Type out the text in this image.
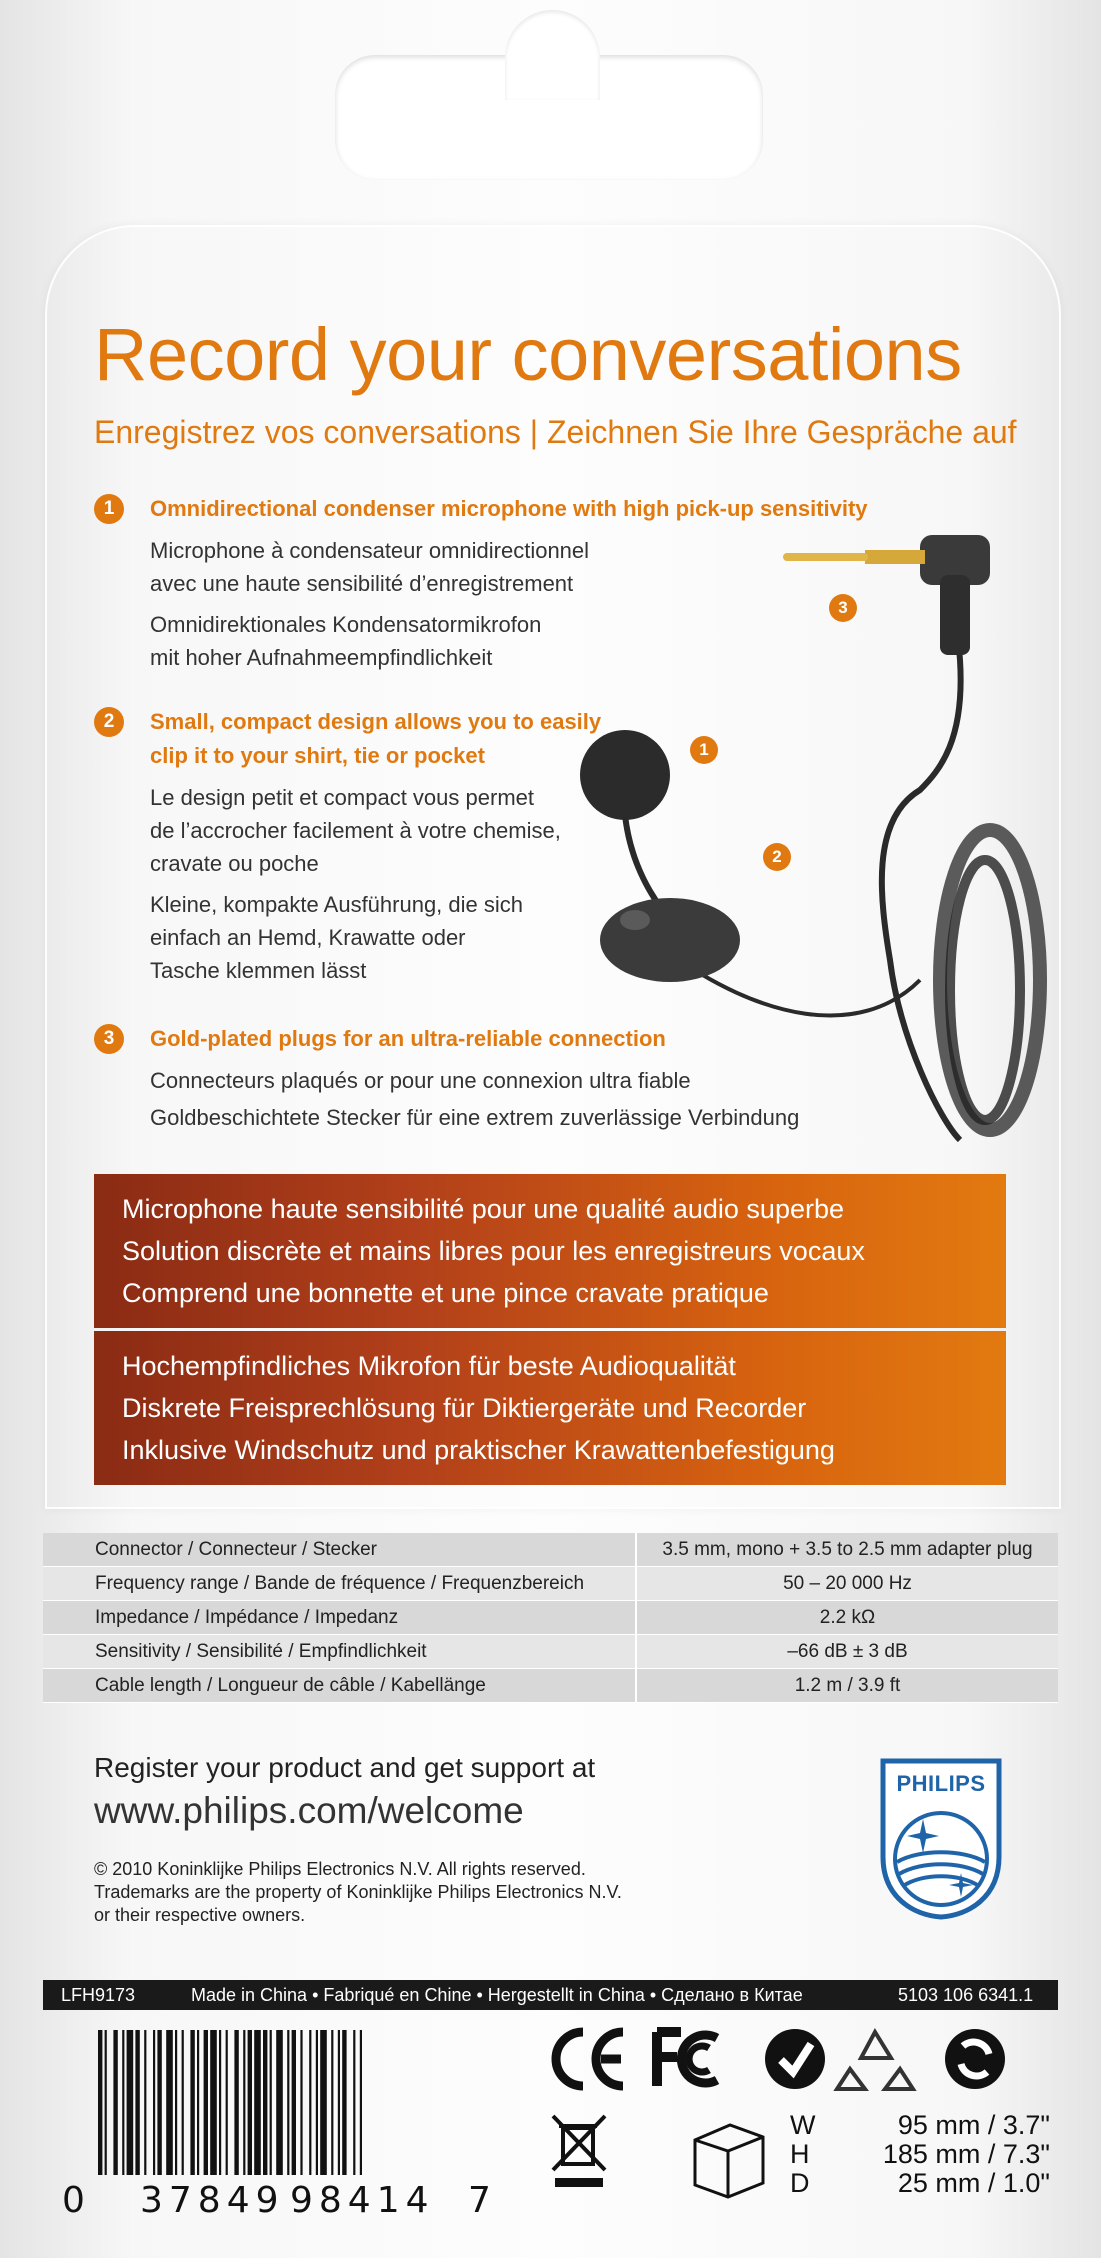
Record your conversations
Enregistrez vos conversations | Zeichnen Sie Ihre Gespräche auf
1	Omnidirectional condenser microphone with high pick-up sensitivity
Microphone à condensateur omnidirectionnel
avec une haute sensibilité d’enregistrement
Omnidirektionales Kondensatormikrofon
mit hoher Aufnahmeempfindlichkeit
2	Small, compact design allows you to easily
clip it to your shirt, tie or pocket
Le design petit et compact vous permet
de l’accrocher facilement à votre chemise,
cravate ou poche
Kleine, kompakte Ausführung, die sich
einfach an Hemd, Krawatte oder
Tasche klemmen lässt
3	Gold-plated plugs for an ultra-reliable connection
Connecteurs plaqués or pour une connexion ultra fiable
Goldbeschichtete Stecker für eine extrem zuverlässige Verbindung
1
2
3
Microphone haute sensibilité pour une qualité audio superbe
Solution discrète et mains libres pour les enregistreurs vocaux
Comprend une bonnette et une pince cravate pratique
Hochempfindliches Mikrofon für beste Audioqualität
Diskrete Freisprechlösung für Diktiergeräte und Recorder
Inklusive Windschutz und praktischer Krawattenbefestigung
Connector / Connecteur / Stecker	3.5 mm, mono + 3.5 to 2.5 mm adapter plug
Frequency range / Bande de fréquence / Frequenzbereich	50 – 20 000 Hz
Impedance / Impédance / Impedanz	2.2 kΩ
Sensitivity / Sensibilité / Empfindlichkeit	–66 dB ± 3 dB
Cable length / Longueur de câble / Kabellänge	1.2 m / 3.9 ft
Register your product and get support at
www.philips.com/welcome
© 2010 Koninklijke Philips Electronics N.V. All rights reserved.
Trademarks are the property of Koninklijke Philips Electronics N.V.
or their respective owners.
PHILIPS
LFH9173	Made in China • Fabriqué en Chine • Hergestellt in China • Сделано в Китае	5103 106 6341.1
0 37849 98414 7
W	95 mm / 3.7"
H	185 mm / 7.3"
D	25 mm / 1.0"
